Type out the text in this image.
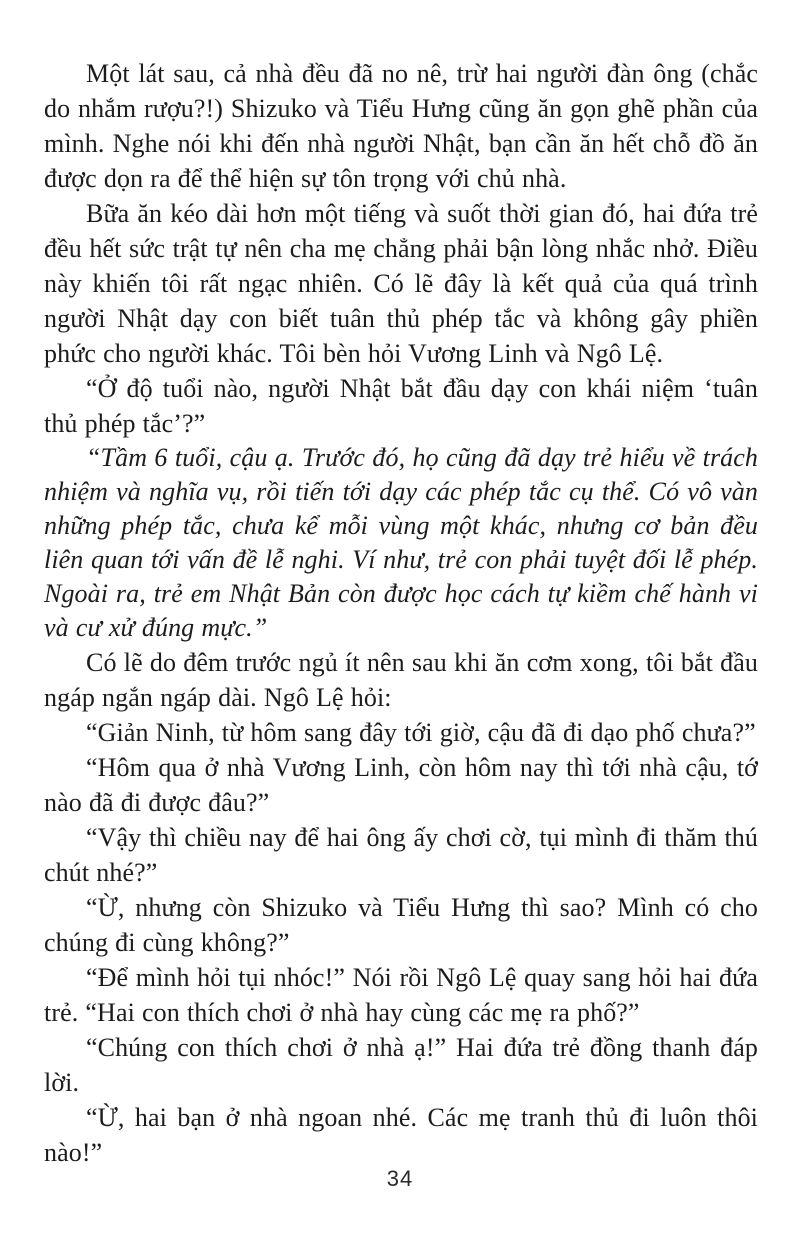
Một lát sau, cả nhà đều đã no nê, trừ hai người đàn ông (chắc do nhắm rượu?!) Shizuko và Tiểu Hưng cũng ăn gọn ghẽ phần của mình. Nghe nói khi đến nhà người Nhật, bạn cần ăn hết chỗ đồ ăn được dọn ra để thể hiện sự tôn trọng với chủ nhà.

Bữa ăn kéo dài hơn một tiếng và suốt thời gian đó, hai đứa trẻ đều hết sức trật tự nên cha mẹ chẳng phải bận lòng nhắc nhở. Điều này khiến tôi rất ngạc nhiên. Có lẽ đây là kết quả của quá trình người Nhật dạy con biết tuân thủ phép tắc và không gây phiền phức cho người khác. Tôi bèn hỏi Vương Linh và Ngô Lệ.

“Ở độ tuổi nào, người Nhật bắt đầu dạy con khái niệm ‘tuân thủ phép tắc’?”

“Tầm 6 tuổi, cậu ạ. Trước đó, họ cũng đã dạy trẻ hiểu về trách nhiệm và nghĩa vụ, rồi tiến tới dạy các phép tắc cụ thể. Có vô vàn những phép tắc, chưa kể mỗi vùng một khác, nhưng cơ bản đều liên quan tới vấn đề lễ nghi. Ví như, trẻ con phải tuyệt đối lễ phép. Ngoài ra, trẻ em Nhật Bản còn được học cách tự kiềm chế hành vi và cư xử đúng mực.”

Có lẽ do đêm trước ngủ ít nên sau khi ăn cơm xong, tôi bắt đầu ngáp ngắn ngáp dài. Ngô Lệ hỏi:

“Giản Ninh, từ hôm sang đây tới giờ, cậu đã đi dạo phố chưa?”

“Hôm qua ở nhà Vương Linh, còn hôm nay thì tới nhà cậu, tớ nào đã đi được đâu?”

“Vậy thì chiều nay để hai ông ấy chơi cờ, tụi mình đi thăm thú chút nhé?”

“Ừ, nhưng còn Shizuko và Tiểu Hưng thì sao? Mình có cho chúng đi cùng không?”

“Để mình hỏi tụi nhóc!” Nói rồi Ngô Lệ quay sang hỏi hai đứa trẻ. “Hai con thích chơi ở nhà hay cùng các mẹ ra phố?”

“Chúng con thích chơi ở nhà ạ!” Hai đứa trẻ đồng thanh đáp lời.

“Ừ, hai bạn ở nhà ngoan nhé. Các mẹ tranh thủ đi luôn thôi nào!”

34
